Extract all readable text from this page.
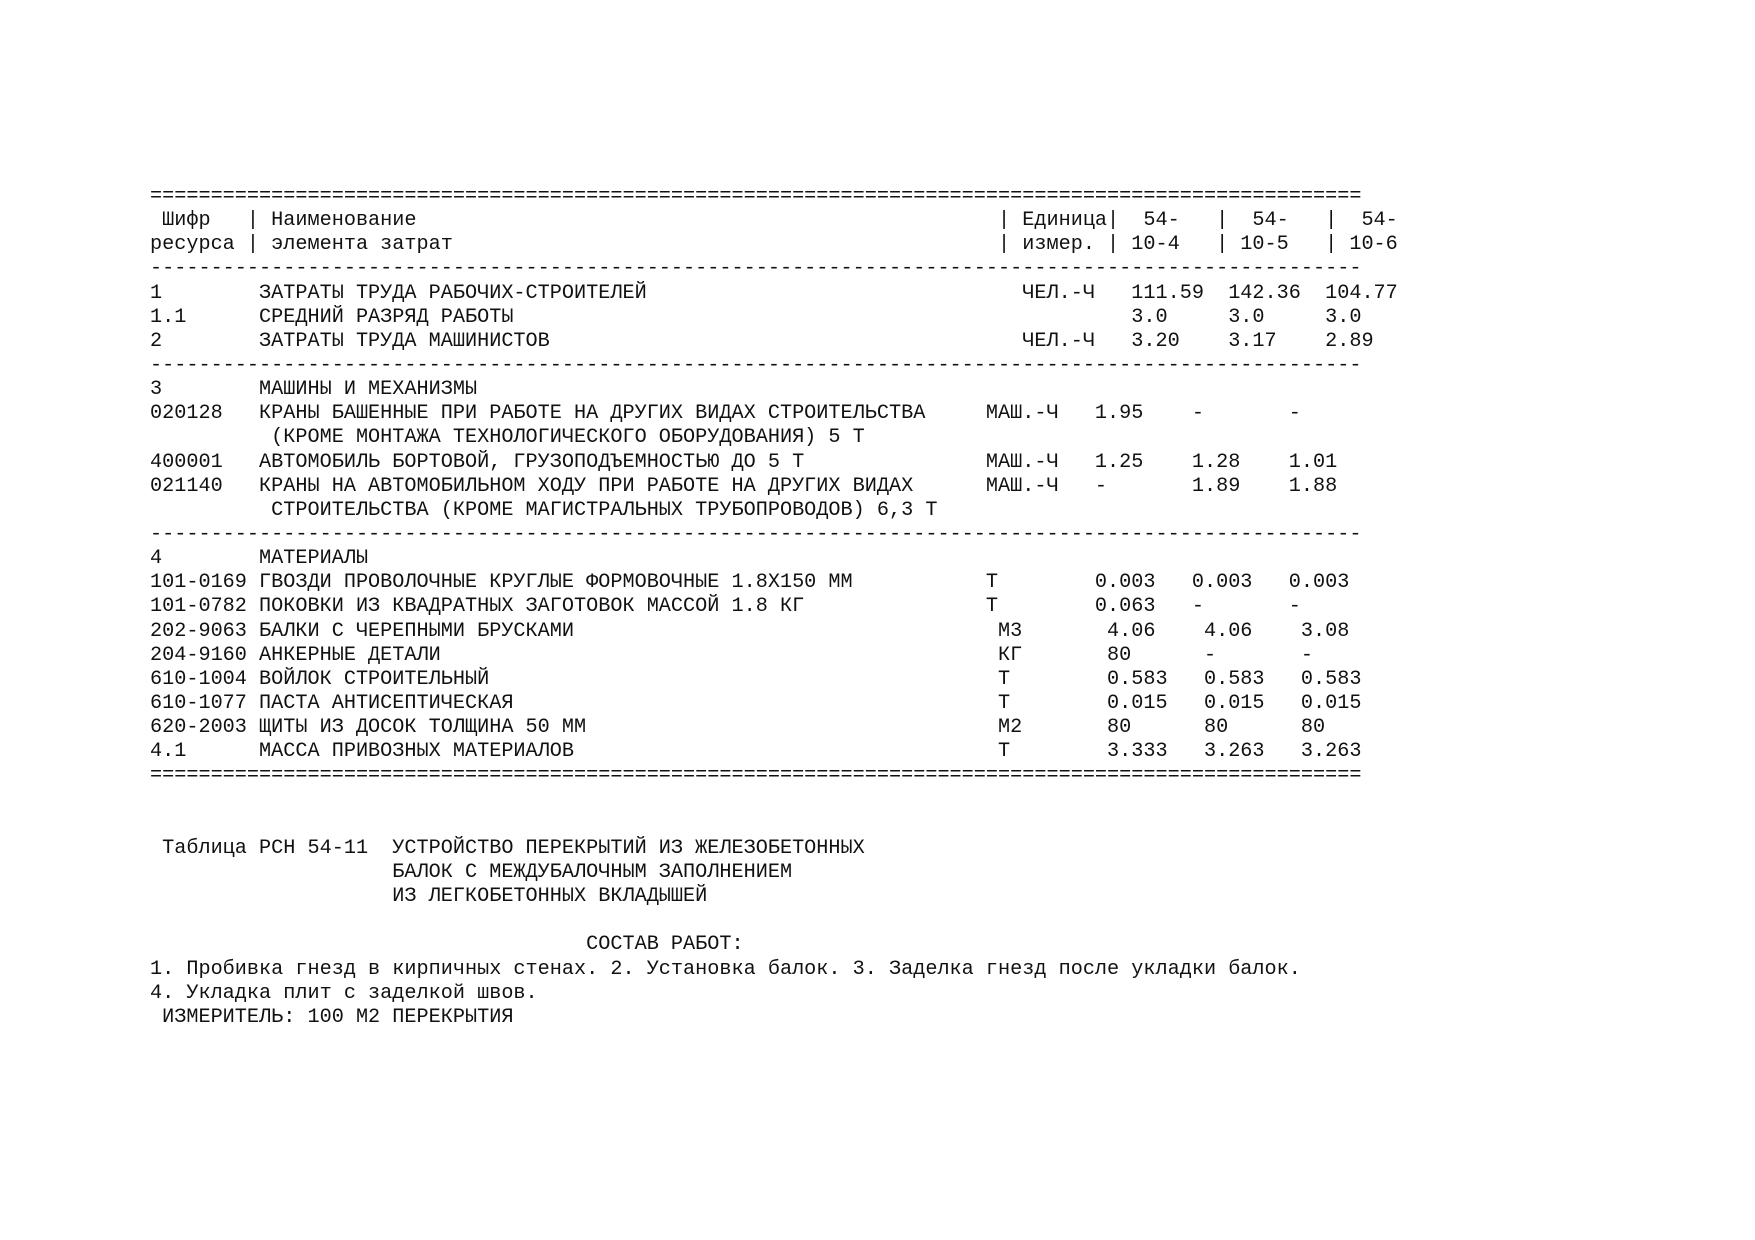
====================================================================================================
Шифр   | Наименование                                                | Единица|  54-   |  54-   |  54-
ресурса | элемента затрат                                             | измер. | 10-4   | 10-5   | 10-6
----------------------------------------------------------------------------------------------------
1        ЗАТРАТЫ ТРУДА РАБОЧИХ-СТРОИТЕЛЕЙ                               ЧЕЛ.-Ч   111.59  142.36  104.77
1.1      СРЕДНИЙ РАЗРЯД РАБОТЫ                                                   3.0     3.0     3.0
2        ЗАТРАТЫ ТРУДА МАШИНИСТОВ                                       ЧЕЛ.-Ч   3.20    3.17    2.89
----------------------------------------------------------------------------------------------------
3        МАШИНЫ И МЕХАНИЗМЫ
020128   КРАНЫ БАШЕННЫЕ ПРИ РАБОТЕ НА ДРУГИХ ВИДАХ СТРОИТЕЛЬСТВА     МАШ.-Ч   1.95    -       -
(КРОМЕ МОНТАЖА ТЕХНОЛОГИЧЕСКОГО ОБОРУДОВАНИЯ) 5 Т
400001   АВТОМОБИЛЬ БОРТОВОЙ, ГРУЗОПОДЪЕМНОСТЬЮ ДО 5 Т               МАШ.-Ч   1.25    1.28    1.01
021140   КРАНЫ НА АВТОМОБИЛЬНОМ ХОДУ ПРИ РАБОТЕ НА ДРУГИХ ВИДАХ      МАШ.-Ч   -       1.89    1.88
СТРОИТЕЛЬСТВА (КРОМЕ МАГИСТРАЛЬНЫХ ТРУБОПРОВОДОВ) 6,3 Т
----------------------------------------------------------------------------------------------------
4        МАТЕРИАЛЫ
101-0169 ГВОЗДИ ПРОВОЛОЧНЫЕ КРУГЛЫЕ ФОРМОВОЧНЫЕ 1.8Х150 ММ           Т        0.003   0.003   0.003
101-0782 ПОКОВКИ ИЗ КВАДРАТНЫХ ЗАГОТОВОК МАССОЙ 1.8 КГ               Т        0.063   -       -
202-9063 БАЛКИ С ЧЕРЕПНЫМИ БРУСКАМИ                                   М3       4.06    4.06    3.08
204-9160 АНКЕРНЫЕ ДЕТАЛИ                                              КГ       80      -       -
610-1004 ВОЙЛОК СТРОИТЕЛЬНЫЙ                                          Т        0.583   0.583   0.583
610-1077 ПАСТА АНТИСЕПТИЧЕСКАЯ                                        Т        0.015   0.015   0.015
620-2003 ЩИТЫ ИЗ ДОСОК ТОЛЩИНА 50 ММ                                  М2       80      80      80
4.1      МАССА ПРИВОЗНЫХ МАТЕРИАЛОВ                                   Т        3.333   3.263   3.263
====================================================================================================
Таблица РСН 54-11  УСТРОЙСТВО ПЕРЕКРЫТИЙ ИЗ ЖЕЛЕЗОБЕТОННЫХ
БАЛОК С МЕЖДУБАЛОЧНЫМ ЗАПОЛНЕНИЕМ
ИЗ ЛЕГКОБЕТОННЫХ ВКЛАДЫШЕЙ
СОСТАВ РАБОТ:
1. Пробивка гнезд в кирпичных стенах. 2. Установка балок. 3. Заделка гнезд после укладки балок.
4. Укладка плит с заделкой швов.
ИЗМЕРИТЕЛЬ: 100 М2 ПЕРЕКРЫТИЯ
